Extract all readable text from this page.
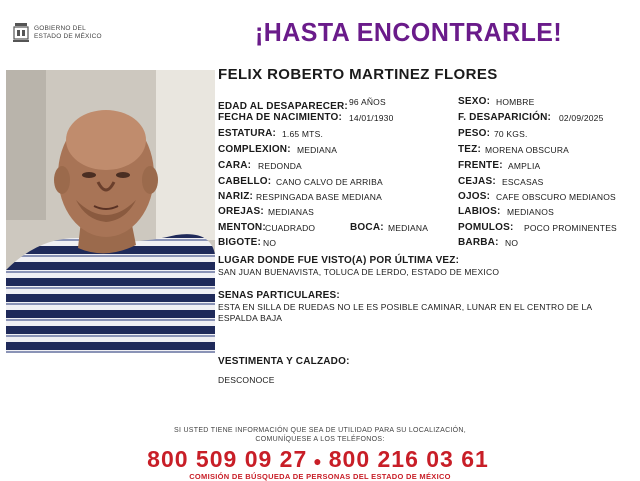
GOBIERNO DEL
ESTADO DE MÉXICO	¡HASTA ENCONTRARLE!
FELIX ROBERTO MARTINEZ FLORES
EDAD AL DESAPARECER: 96 AÑOS
FECHA DE NACIMIENTO: 14/01/1930
ESTATURA: 1.65 MTS.
COMPLEXION: MEDIANA
CARA: REDONDA
CABELLO: CANO CALVO DE ARRIBA
NARIZ: RESPINGADA BASE MEDIANA
OREJAS: MEDIANAS
MENTON: CUADRADO	BOCA: MEDIANA
BIGOTE: NO
SEXO: HOMBRE
F. DESAPARICIÓN: 02/09/2025
PESO: 70 KGS.
TEZ: MORENA OBSCURA
FRENTE: AMPLIA
CEJAS: ESCASAS
OJOS: CAFE OBSCURO MEDIANOS
LABIOS: MEDIANOS
POMULOS: POCO PROMINENTES
BARBA: NO
LUGAR DONDE FUE VISTO(A) POR ÚLTIMA VEZ:
SAN JUAN BUENAVISTA, TOLUCA DE LERDO, ESTADO DE MEXICO
SENAS PARTICULARES:
ESTA EN SILLA DE RUEDAS NO LE ES POSIBLE CAMINAR, LUNAR EN EL CENTRO DE LA
ESPALDA BAJA
VESTIMENTA Y CALZADO:
DESCONOCE
SI USTED TIENE INFORMACIÓN QUE SEA DE UTILIDAD PARA SU LOCALIZACIÓN,
COMUNÍQUESE A LOS TELÉFONOS:
800 509 09 27 ● 800 216 03 61
COMISIÓN DE BÚSQUEDA DE PERSONAS DEL ESTADO DE MÉXICO
